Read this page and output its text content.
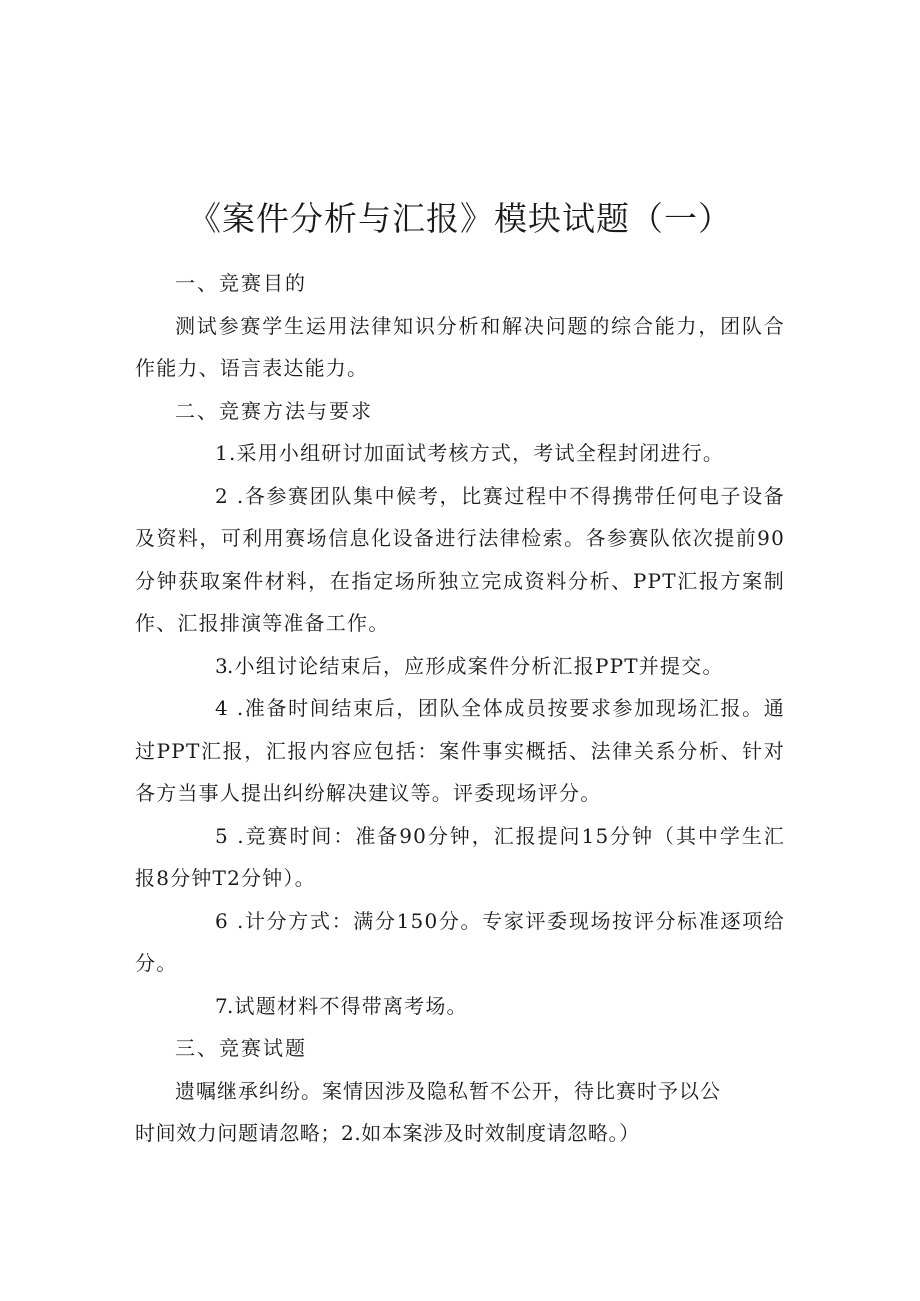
《案件分析与汇报》模块试题（一）

一、竞赛目的

测试参赛学生运用法律知识分析和解决问题的综合能力，团队合作能力、语言表达能力。

二、竞赛方法与要求

1.采用小组研讨加面试考核方式，考试全程封闭进行。

2 .各参赛团队集中候考，比赛过程中不得携带任何电子设备及资料，可利用赛场信息化设备进行法律检索。各参赛队依次提前90分钟获取案件材料，在指定场所独立完成资料分析、PPT汇报方案制作、汇报排演等准备工作。

3.小组讨论结束后，应形成案件分析汇报PPT并提交。

4 .准备时间结束后，团队全体成员按要求参加现场汇报。通过PPT汇报，汇报内容应包括：案件事实概括、法律关系分析、针对各方当事人提出纠纷解决建议等。评委现场评分。

5 .竞赛时间：准备90分钟，汇报提问15分钟（其中学生汇报8分钟T2分钟）。

6 .计分方式：满分150分。专家评委现场按评分标准逐项给分。

7.试题材料不得带离考场。

三、竞赛试题

遗嘱继承纠纷。案情因涉及隐私暂不公开，待比赛时予以公

时间效力问题请忽略；2.如本案涉及时效制度请忽略。）
